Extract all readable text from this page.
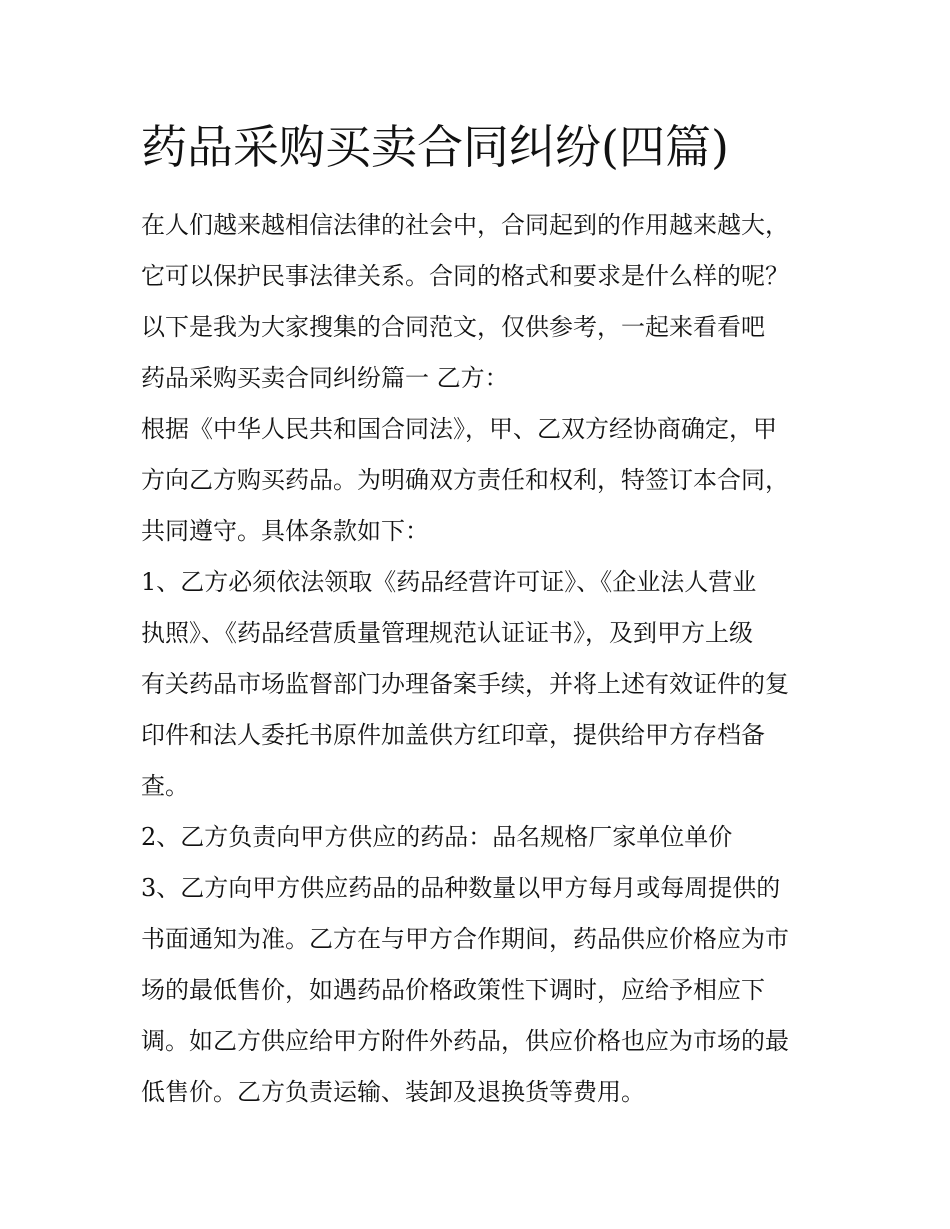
药品采购买卖合同纠纷(四篇)
在人们越来越相信法律的社会中，合同起到的作用越来越大，
它可以保护民事法律关系。合同的格式和要求是什么样的呢？
以下是我为大家搜集的合同范文，仅供参考，一起来看看吧
药品采购买卖合同纠纷篇一 乙方：
根据《中华人民共和国合同法》，甲、乙双方经协商确定，甲
方向乙方购买药品。为明确双方责任和权利，特签订本合同，
共同遵守。具体条款如下：
1、乙方必须依法领取《药品经营许可证》、《企业法人营业
执照》、《药品经营质量管理规范认证证书》，及到甲方上级
有关药品市场监督部门办理备案手续，并将上述有效证件的复
印件和法人委托书原件加盖供方红印章，提供给甲方存档备
查。
2、乙方负责向甲方供应的药品：品名规格厂家单位单价
3、乙方向甲方供应药品的品种数量以甲方每月或每周提供的
书面通知为准。乙方在与甲方合作期间，药品供应价格应为市
场的最低售价，如遇药品价格政策性下调时，应给予相应下
调。如乙方供应给甲方附件外药品，供应价格也应为市场的最
低售价。乙方负责运输、装卸及退换货等费用。
